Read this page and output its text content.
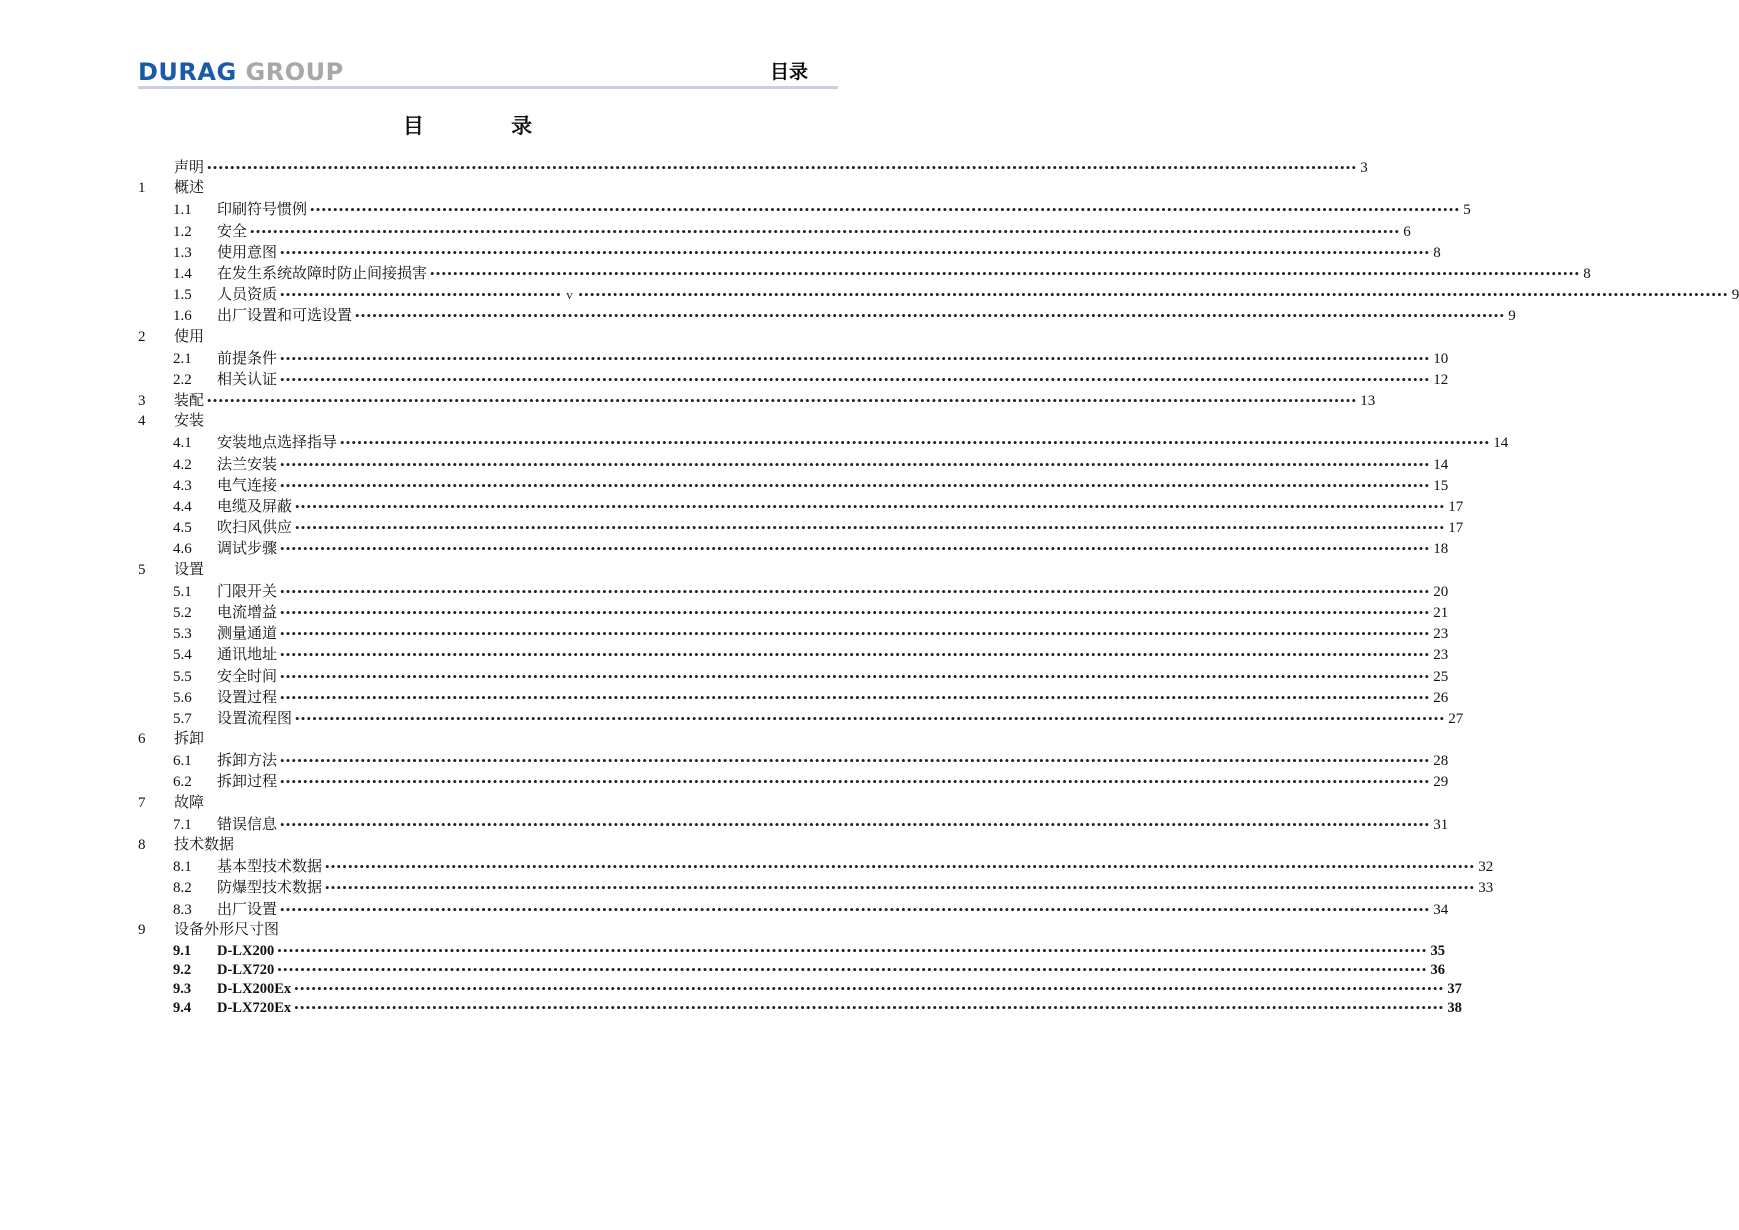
DURAG GROUP	目录
目 录
声明 •••••••••••••••••••••••••••••••••••••••••••••••••••••••••••••••••••••••••••••••••••••••••••••••••••••••••••••••••••••••••••••••••••••••••••••••••••••••••••••••••••••••••••••••••••••••••••••••••••••••• 3
1	概述
1.1	印刷符号惯例 •••••••••••••••••••••••••••••••••••••••••••••••••••••••••••••••••••••••••••••••••••••••••••••••••••••••••••••••••••••••••••••••••••••••••••••••••••••••••••••••••••••••••••••••••••••••••••••••••••••••• 5
1.2	安全 •••••••••••••••••••••••••••••••••••••••••••••••••••••••••••••••••••••••••••••••••••••••••••••••••••••••••••••••••••••••••••••••••••••••••••••••••••••••••••••••••••••••••••••••••••••••••••••••••••••••• 6
1.3	使用意图 •••••••••••••••••••••••••••••••••••••••••••••••••••••••••••••••••••••••••••••••••••••••••••••••••••••••••••••••••••••••••••••••••••••••••••••••••••••••••••••••••••••••••••••••••••••••••••••••••••••••• 8
1.4	在发生系统故障时防止间接损害 •••••••••••••••••••••••••••••••••••••••••••••••••••••••••••••••••••••••••••••••••••••••••••••••••••••••••••••••••••••••••••••••••••••••••••••••••••••••••••••••••••••••••••••••••••••••••••••••••••••••• 8
1.5	人员资质 ••••••••••••••••••••••••••••••••••••••••••••••••• v •••••••••••••••••••••••••••••••••••••••••••••••••••••••••••••••••••••••••••••••••••••••••••••••••••••••••••••••••••••••••••••••••••••••••••••••••••••••••••••••••••••••••••••••••••••••••••••••••••••••• 9
1.6	出厂设置和可选设置 •••••••••••••••••••••••••••••••••••••••••••••••••••••••••••••••••••••••••••••••••••••••••••••••••••••••••••••••••••••••••••••••••••••••••••••••••••••••••••••••••••••••••••••••••••••••••••••••••••••••• 9
2	使用
2.1	前提条件 •••••••••••••••••••••••••••••••••••••••••••••••••••••••••••••••••••••••••••••••••••••••••••••••••••••••••••••••••••••••••••••••••••••••••••••••••••••••••••••••••••••••••••••••••••••••••••••••••••••••• 10
2.2	相关认证 •••••••••••••••••••••••••••••••••••••••••••••••••••••••••••••••••••••••••••••••••••••••••••••••••••••••••••••••••••••••••••••••••••••••••••••••••••••••••••••••••••••••••••••••••••••••••••••••••••••••• 12
3	装配 •••••••••••••••••••••••••••••••••••••••••••••••••••••••••••••••••••••••••••••••••••••••••••••••••••••••••••••••••••••••••••••••••••••••••••••••••••••••••••••••••••••••••••••••••••••••••••••••••••••••• 13
4	安装
4.1	安装地点选择指导 •••••••••••••••••••••••••••••••••••••••••••••••••••••••••••••••••••••••••••••••••••••••••••••••••••••••••••••••••••••••••••••••••••••••••••••••••••••••••••••••••••••••••••••••••••••••••••••••••••••••• 14
4.2	法兰安装 •••••••••••••••••••••••••••••••••••••••••••••••••••••••••••••••••••••••••••••••••••••••••••••••••••••••••••••••••••••••••••••••••••••••••••••••••••••••••••••••••••••••••••••••••••••••••••••••••••••••• 14
4.3	电气连接 •••••••••••••••••••••••••••••••••••••••••••••••••••••••••••••••••••••••••••••••••••••••••••••••••••••••••••••••••••••••••••••••••••••••••••••••••••••••••••••••••••••••••••••••••••••••••••••••••••••••• 15
4.4	电缆及屏蔽 •••••••••••••••••••••••••••••••••••••••••••••••••••••••••••••••••••••••••••••••••••••••••••••••••••••••••••••••••••••••••••••••••••••••••••••••••••••••••••••••••••••••••••••••••••••••••••••••••••••••• 17
4.5	吹扫风供应 •••••••••••••••••••••••••••••••••••••••••••••••••••••••••••••••••••••••••••••••••••••••••••••••••••••••••••••••••••••••••••••••••••••••••••••••••••••••••••••••••••••••••••••••••••••••••••••••••••••••• 17
4.6	调试步骤 •••••••••••••••••••••••••••••••••••••••••••••••••••••••••••••••••••••••••••••••••••••••••••••••••••••••••••••••••••••••••••••••••••••••••••••••••••••••••••••••••••••••••••••••••••••••••••••••••••••••• 18
5	设置
5.1	门限开关 •••••••••••••••••••••••••••••••••••••••••••••••••••••••••••••••••••••••••••••••••••••••••••••••••••••••••••••••••••••••••••••••••••••••••••••••••••••••••••••••••••••••••••••••••••••••••••••••••••••••• 20
5.2	电流增益 •••••••••••••••••••••••••••••••••••••••••••••••••••••••••••••••••••••••••••••••••••••••••••••••••••••••••••••••••••••••••••••••••••••••••••••••••••••••••••••••••••••••••••••••••••••••••••••••••••••••• 21
5.3	测量通道 •••••••••••••••••••••••••••••••••••••••••••••••••••••••••••••••••••••••••••••••••••••••••••••••••••••••••••••••••••••••••••••••••••••••••••••••••••••••••••••••••••••••••••••••••••••••••••••••••••••••• 23
5.4	通讯地址 •••••••••••••••••••••••••••••••••••••••••••••••••••••••••••••••••••••••••••••••••••••••••••••••••••••••••••••••••••••••••••••••••••••••••••••••••••••••••••••••••••••••••••••••••••••••••••••••••••••••• 23
5.5	安全时间 •••••••••••••••••••••••••••••••••••••••••••••••••••••••••••••••••••••••••••••••••••••••••••••••••••••••••••••••••••••••••••••••••••••••••••••••••••••••••••••••••••••••••••••••••••••••••••••••••••••••• 25
5.6	设置过程 •••••••••••••••••••••••••••••••••••••••••••••••••••••••••••••••••••••••••••••••••••••••••••••••••••••••••••••••••••••••••••••••••••••••••••••••••••••••••••••••••••••••••••••••••••••••••••••••••••••••• 26
5.7	设置流程图 •••••••••••••••••••••••••••••••••••••••••••••••••••••••••••••••••••••••••••••••••••••••••••••••••••••••••••••••••••••••••••••••••••••••••••••••••••••••••••••••••••••••••••••••••••••••••••••••••••••••• 27
6	拆卸
6.1	拆卸方法 •••••••••••••••••••••••••••••••••••••••••••••••••••••••••••••••••••••••••••••••••••••••••••••••••••••••••••••••••••••••••••••••••••••••••••••••••••••••••••••••••••••••••••••••••••••••••••••••••••••••• 28
6.2	拆卸过程 •••••••••••••••••••••••••••••••••••••••••••••••••••••••••••••••••••••••••••••••••••••••••••••••••••••••••••••••••••••••••••••••••••••••••••••••••••••••••••••••••••••••••••••••••••••••••••••••••••••••• 29
7	故障
7.1	错误信息 •••••••••••••••••••••••••••••••••••••••••••••••••••••••••••••••••••••••••••••••••••••••••••••••••••••••••••••••••••••••••••••••••••••••••••••••••••••••••••••••••••••••••••••••••••••••••••••••••••••••• 31
8	技术数据
8.1	基本型技术数据 •••••••••••••••••••••••••••••••••••••••••••••••••••••••••••••••••••••••••••••••••••••••••••••••••••••••••••••••••••••••••••••••••••••••••••••••••••••••••••••••••••••••••••••••••••••••••••••••••••••••• 32
8.2	防爆型技术数据 •••••••••••••••••••••••••••••••••••••••••••••••••••••••••••••••••••••••••••••••••••••••••••••••••••••••••••••••••••••••••••••••••••••••••••••••••••••••••••••••••••••••••••••••••••••••••••••••••••••••• 33
8.3	出厂设置 •••••••••••••••••••••••••••••••••••••••••••••••••••••••••••••••••••••••••••••••••••••••••••••••••••••••••••••••••••••••••••••••••••••••••••••••••••••••••••••••••••••••••••••••••••••••••••••••••••••••• 34
9	设备外形尺寸图
9.1	D-LX200 •••••••••••••••••••••••••••••••••••••••••••••••••••••••••••••••••••••••••••••••••••••••••••••••••••••••••••••••••••••••••••••••••••••••••••••••••••••••••••••••••••••••••••••••••••••••••••••••••••••••• 35
9.2	D-LX720 •••••••••••••••••••••••••••••••••••••••••••••••••••••••••••••••••••••••••••••••••••••••••••••••••••••••••••••••••••••••••••••••••••••••••••••••••••••••••••••••••••••••••••••••••••••••••••••••••••••••• 36
9.3	D-LX200Ex •••••••••••••••••••••••••••••••••••••••••••••••••••••••••••••••••••••••••••••••••••••••••••••••••••••••••••••••••••••••••••••••••••••••••••••••••••••••••••••••••••••••••••••••••••••••••••••••••••••••• 37
9.4	D-LX720Ex •••••••••••••••••••••••••••••••••••••••••••••••••••••••••••••••••••••••••••••••••••••••••••••••••••••••••••••••••••••••••••••••••••••••••••••••••••••••••••••••••••••••••••••••••••••••••••••••••••••••• 38
